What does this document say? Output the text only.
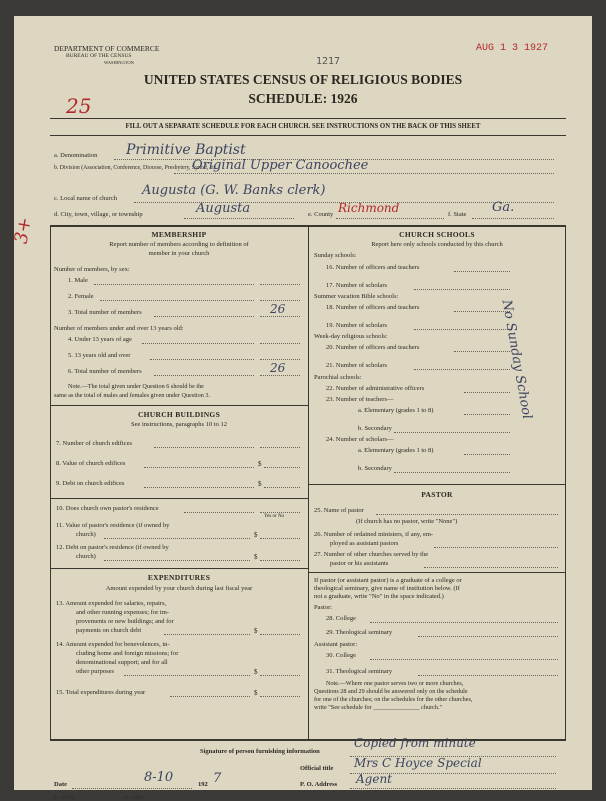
DEPARTMENT OF COMMERCE
BUREAU OF THE CENSUS
WASHINGTON	1217
AUG 1 3 1927
UNITED STATES CENSUS OF RELIGIOUS BODIES
SCHEDULE: 1926
25
3+
FILL OUT A SEPARATE SCHEDULE FOR EACH CHURCH. SEE INSTRUCTIONS ON THE BACK OF THIS SHEET
a. Denomination Primitive Baptist
b. Division (Association, Conference, Diocese, Presbytery, Synod, etc.)
Original Upper Canoochee
c. Local name of church
Augusta (G. W. Banks clerk)
d. City, town, village, or township	Augusta	e. County Richmond	f. State Ga.
MEMBERSHIP
Report number of members according to definition of
member in your church
Number of members, by sex:
1. Male
2. Female
3. Total number of members	26
Number of members under and over 13 years old:
4. Under 13 years of age
5. 13 years old and over
6. Total number of members	26
Note.—The total given under Question 6 should be the
same as the total of males and females given under Question 3.
CHURCH BUILDINGS
See instructions, paragraphs 10 to 12
7. Number of church edifices
8. Value of church edifices	$
9. Debt on church edifices	$
10. Does church own pastor's residence
Yes or No
11. Value of pastor's residence (if owned by
church)	$
12. Debt on pastor's residence (if owned by
church)	$
EXPENDITURES
Amount expended by your church during last fiscal year
13. Amount expended for salaries, repairs,
and other running expenses; for im-
provements or new buildings; and for
payments on church debt	$
14. Amount expended for benevolences, in-
cluding home and foreign missions; for
denominational support; and for all
other purposes	$
15. Total expenditures during year	$
CHURCH SCHOOLS
Report here only schools conducted by this church
Sunday schools:
16. Number of officers and teachers
17. Number of scholars
Summer vacation Bible schools:
18. Number of officers and teachers
19. Number of scholars
Week-day religious schools:
20. Number of officers and teachers
21. Number of scholars
Parochial schools:
22. Number of administrative officers
23. Number of teachers—
a. Elementary (grades 1 to 8)
b. Secondary
24. Number of scholars—
a. Elementary (grades 1 to 8)
b. Secondary
No Sunday School
PASTOR
25. Name of pastor
(If church has no pastor, write "None")
26. Number of ordained ministers, if any, em-
ployed as assistant pastors
27. Number of other churches served by the
pastor or his assistants
If pastor (or assistant pastor) is a graduate of a college or
theological seminary, give name of institution below. (If
not a graduate, write "No" in the space indicated.)
Pastor:
28. College
29. Theological seminary
Assistant pastor:
30. College
31. Theological seminary
Note.—Where one pastor serves two or more churches,
Questions 28 and 29 should be answered only on the schedule
for one of the churches; on the schedules for the other churches,
write "See schedule for _______________ church."
Signature of person furnishing information
Copied from minute
Official title Mrs C Hoyce Special
Date	8-10	192 7	P. O. Address Agent
6—3519 a	11—3004
